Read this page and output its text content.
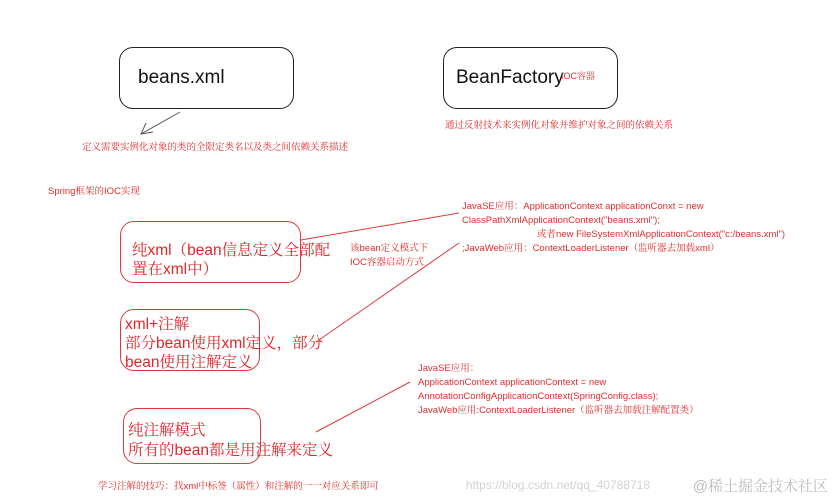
beans.xml	BeanFactory
IOC容器
定义需要实例化对象的类的全限定类名以及类之间依赖关系描述
通过反射技术来实例化对象并维护对象之间的依赖关系
Spring框架的IOC实现
纯xml（bean信息定义全部配置在xml中）
xml+注解
部分bean使用xml定义，部分bean使用注解定义
纯注解模式
所有的bean都是用注解来定义
该bean定义模式下
IOC容器启动方式
JavaSE应用：ApplicationContext applicationConxt = new
ClassPathXmlApplicationContext("beans.xml");
或者new FileSystemXmlApplicationContext("c:/beans.xml")
;JavaWeb应用：ContextLoaderListener（监听器去加载xml）
JavaSE应用：
ApplicationContext applicationContext = new
AnnotationConfigApplicationContext(SpringConfig.class);
JavaWeb应用:ContextLoaderListener（监听器去加载注解配置类）
学习注解的技巧：找xml中标签（属性）和注解的一一对应关系即可	https://blog.csdn.net/qq_40788718	@稀土掘金技术社区
